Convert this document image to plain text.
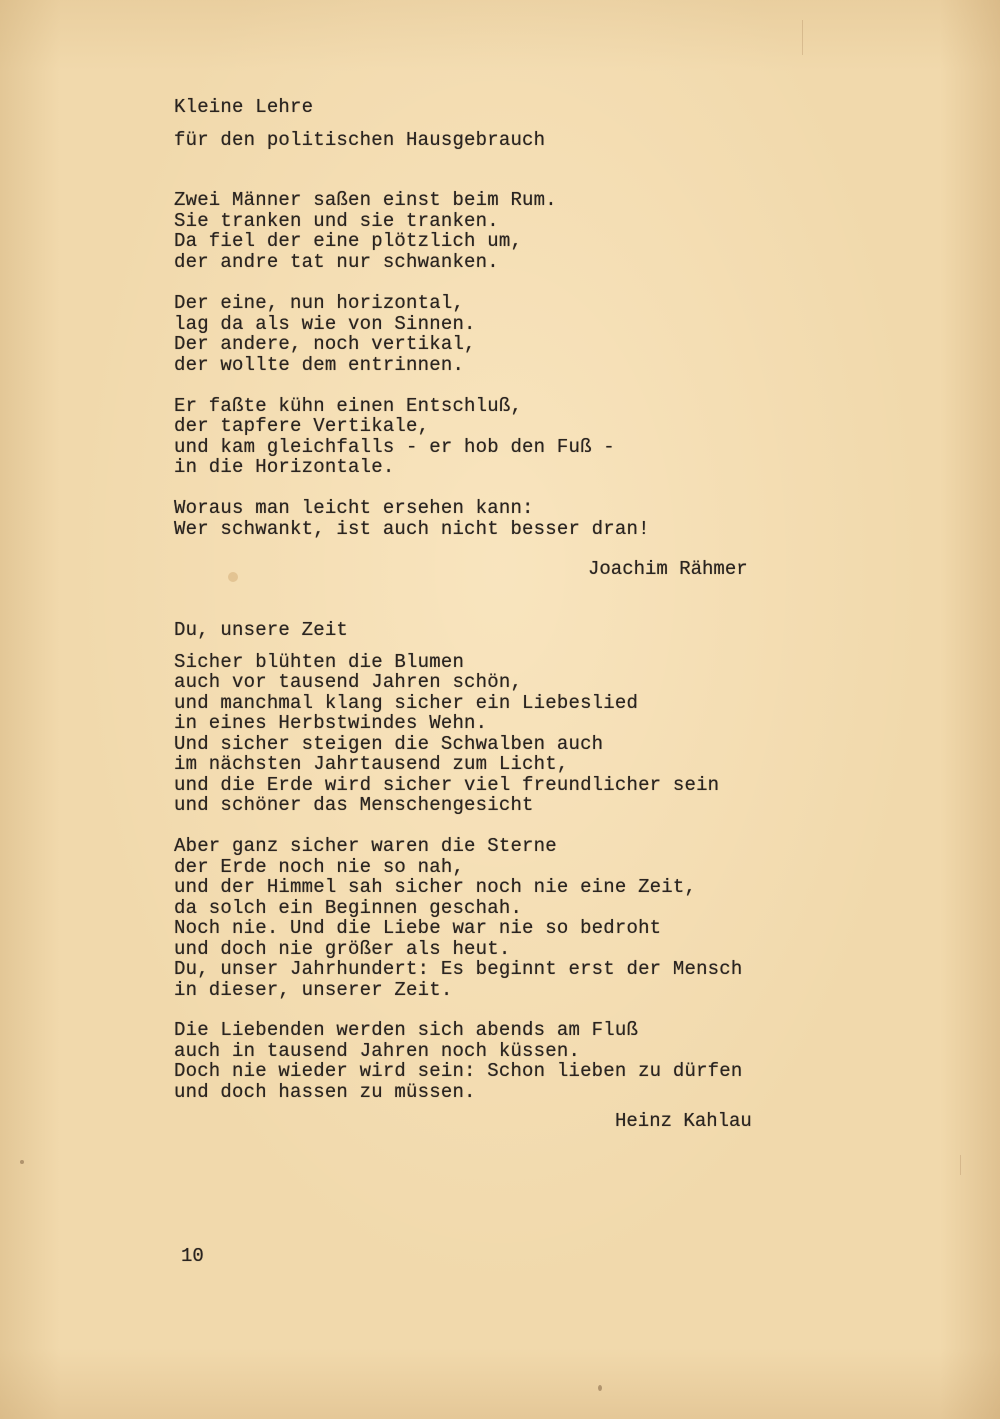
Kleine Lehre
für den politischen Hausgebrauch
Zwei Männer saßen einst beim Rum.
Sie tranken und sie tranken.
Da fiel der eine plötzlich um,
der andre tat nur schwanken.
Der eine, nun horizontal,
lag da als wie von Sinnen.
Der andere, noch vertikal,
der wollte dem entrinnen.
Er faßte kühn einen Entschluß,
der tapfere Vertikale,
und kam gleichfalls - er hob den Fuß -
in die Horizontale.
Woraus man leicht ersehen kann:
Wer schwankt, ist auch nicht besser dran!
Joachim Rähmer
Du, unsere Zeit
Sicher blühten die Blumen
auch vor tausend Jahren schön,
und manchmal klang sicher ein Liebeslied
in eines Herbstwindes Wehn.
Und sicher steigen die Schwalben auch
im nächsten Jahrtausend zum Licht,
und die Erde wird sicher viel freundlicher sein
und schöner das Menschengesicht
Aber ganz sicher waren die Sterne
der Erde noch nie so nah,
und der Himmel sah sicher noch nie eine Zeit,
da solch ein Beginnen geschah.
Noch nie. Und die Liebe war nie so bedroht
und doch nie größer als heut.
Du, unser Jahrhundert: Es beginnt erst der Mensch
in dieser, unserer Zeit.
Die Liebenden werden sich abends am Fluß
auch in tausend Jahren noch küssen.
Doch nie wieder wird sein: Schon lieben zu dürfen
und doch hassen zu müssen.
Heinz Kahlau
10
